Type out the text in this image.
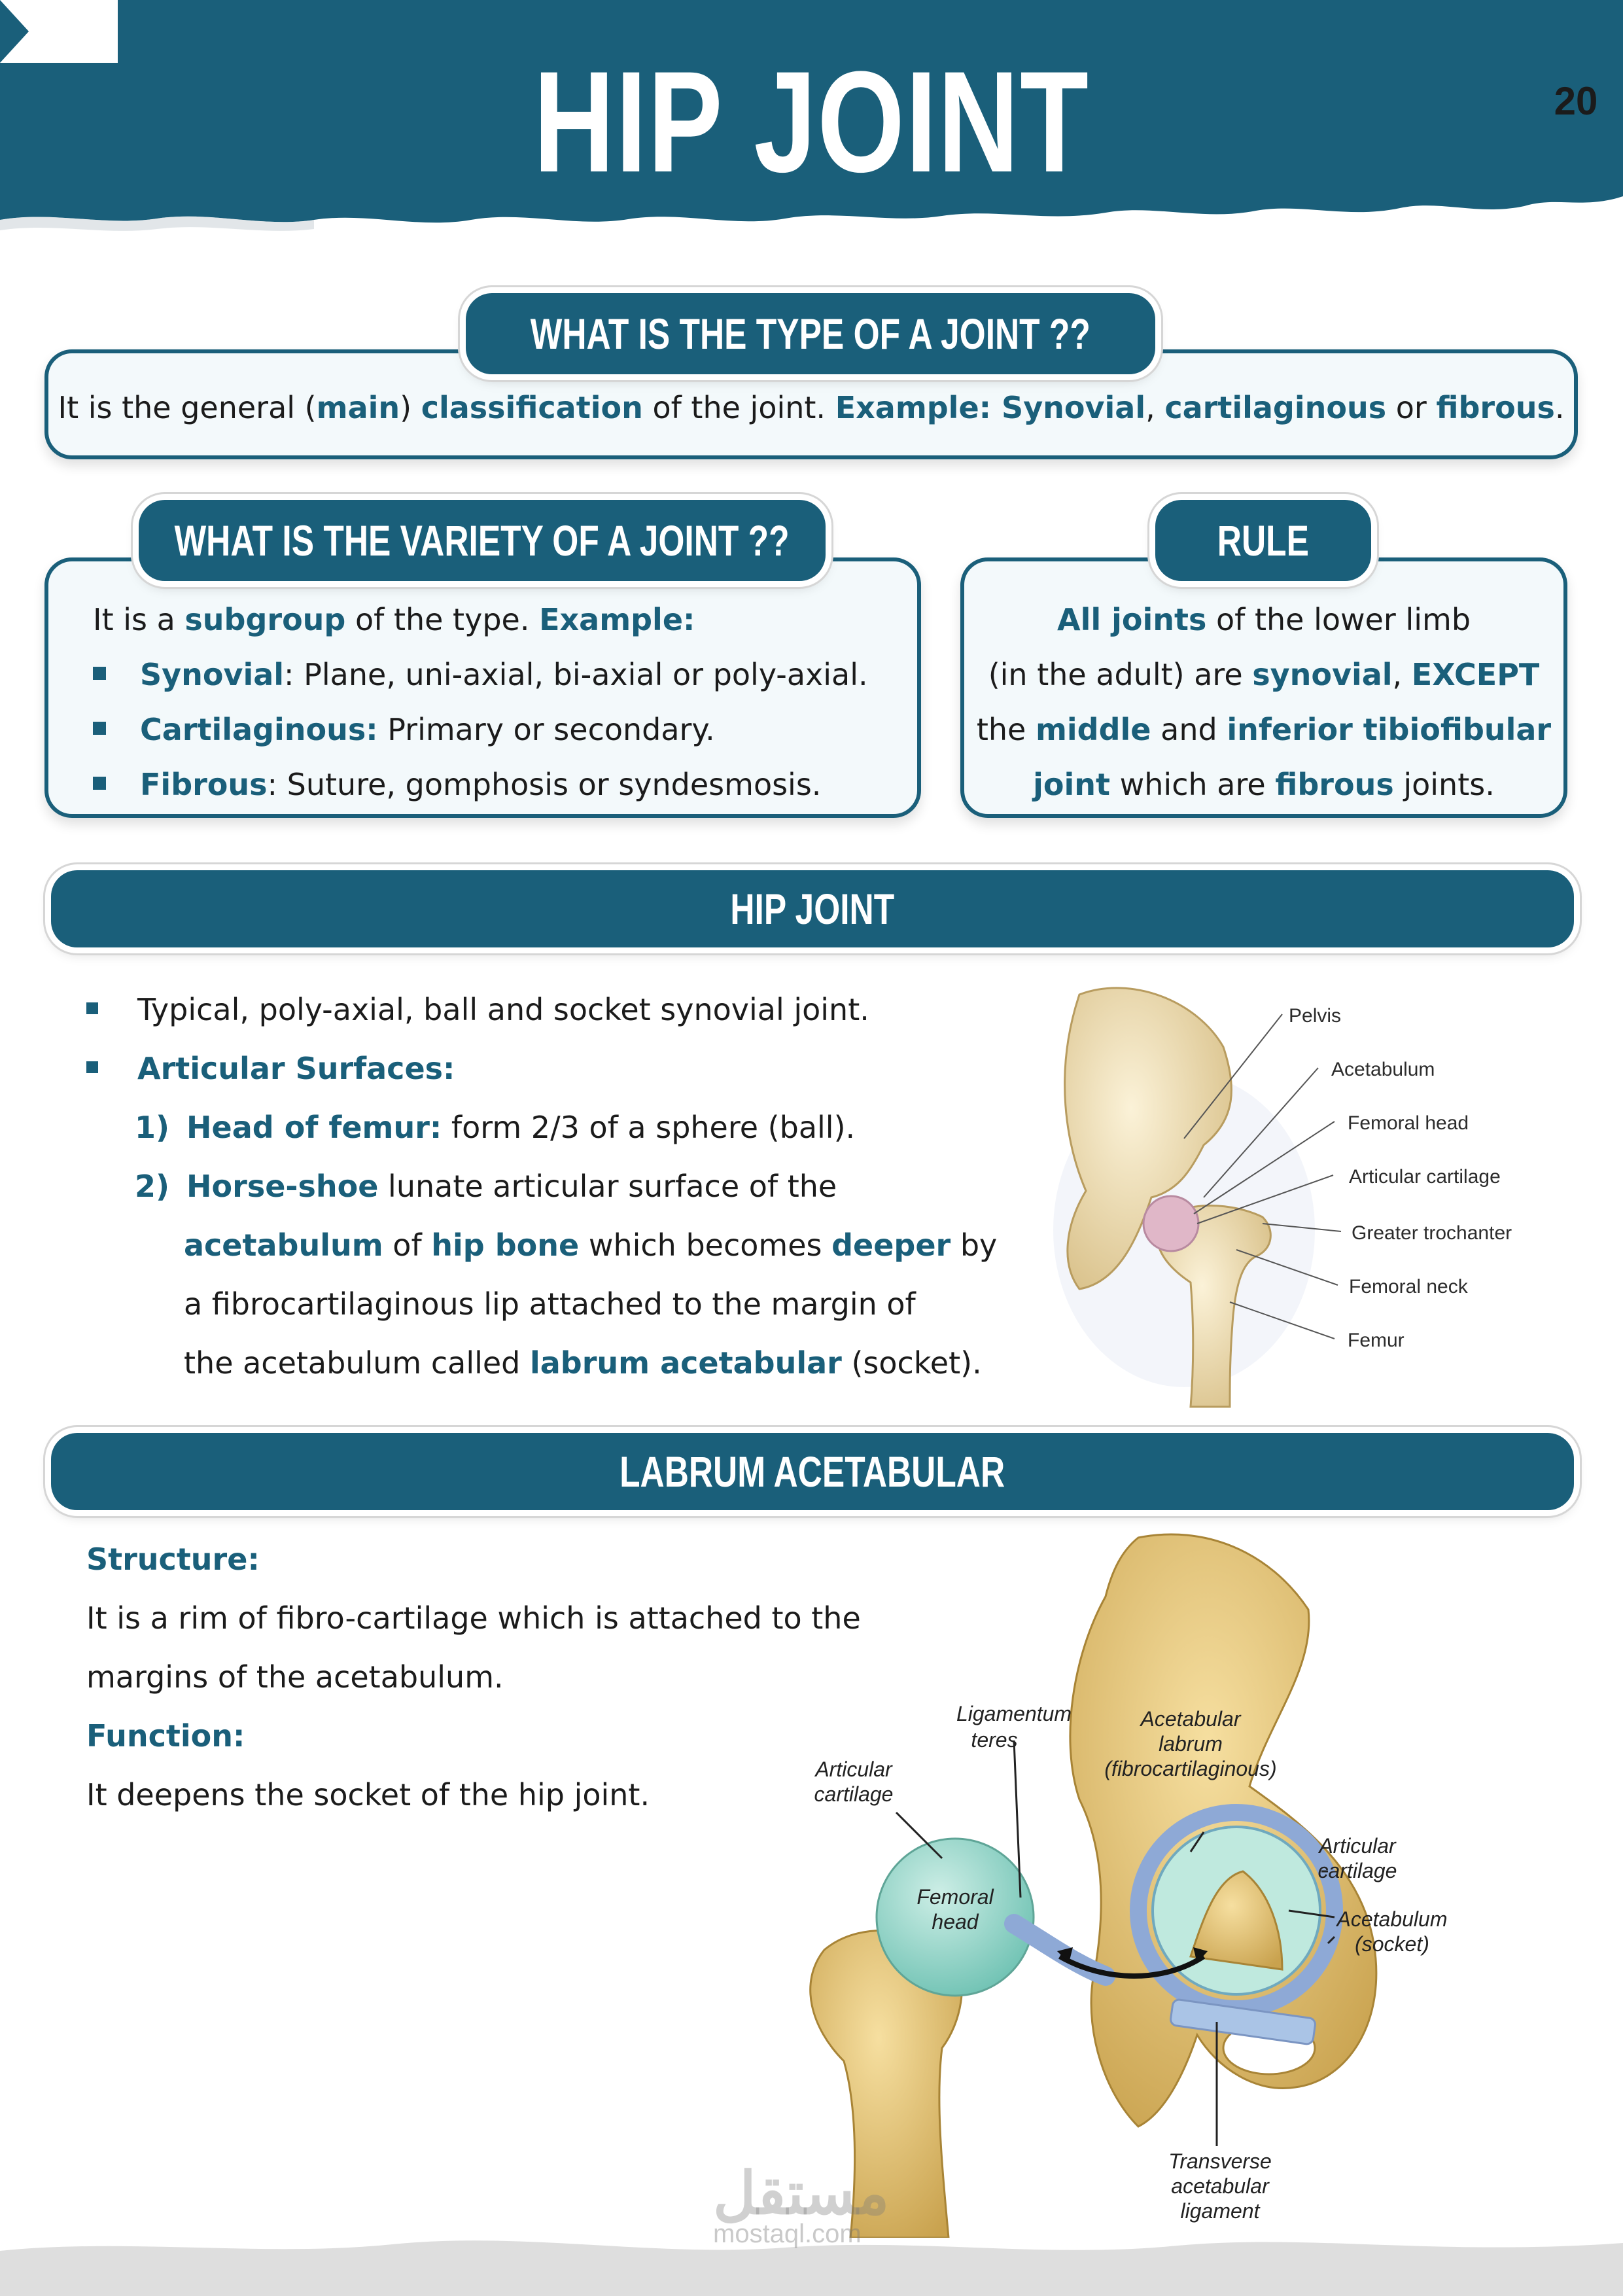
HIP JOINT	20
It is the general (main) classification of the joint. Example: Synovial, cartilaginous or fibrous.
WHAT IS THE TYPE OF A JOINT ??
It is a subgroup of the type. Example:
Synovial: Plane, uni-axial, bi-axial or poly-axial.
Cartilaginous: Primary or secondary.
Fibrous: Suture, gomphosis or syndesmosis.
WHAT IS THE VARIETY OF A JOINT ??
All joints of the lower limb
(in the adult) are synovial, EXCEPT
the middle and inferior tibiofibular
joint which are fibrous joints.
RULE
HIP JOINT
Typical, poly-axial, ball and socket synovial joint.
Articular Surfaces:
1) Head of femur: form 2/3 of a sphere (ball).
2) Horse-shoe lunate articular surface of the
acetabulum of hip bone which becomes deeper by
a fibrocartilaginous lip attached to the margin of
the acetabulum called labrum acetabular (socket).
Pelvis
Acetabulum
Femoral head
Articular cartilage
Greater trochanter
Femoral neck
Femur
LABRUM ACETABULAR
Structure:
It is a rim of fibro-cartilage which is attached to the
margins of the acetabulum.
Function:
It deepens the socket of the hip joint.
Ligamentum
teres
Articular
cartilage
Femoral
head
Acetabular
labrum
(fibrocartilaginous)
Articular
cartilage
Acetabulum
(socket)
Transverse
acetabular
ligament
مستقل
mostaql.com
